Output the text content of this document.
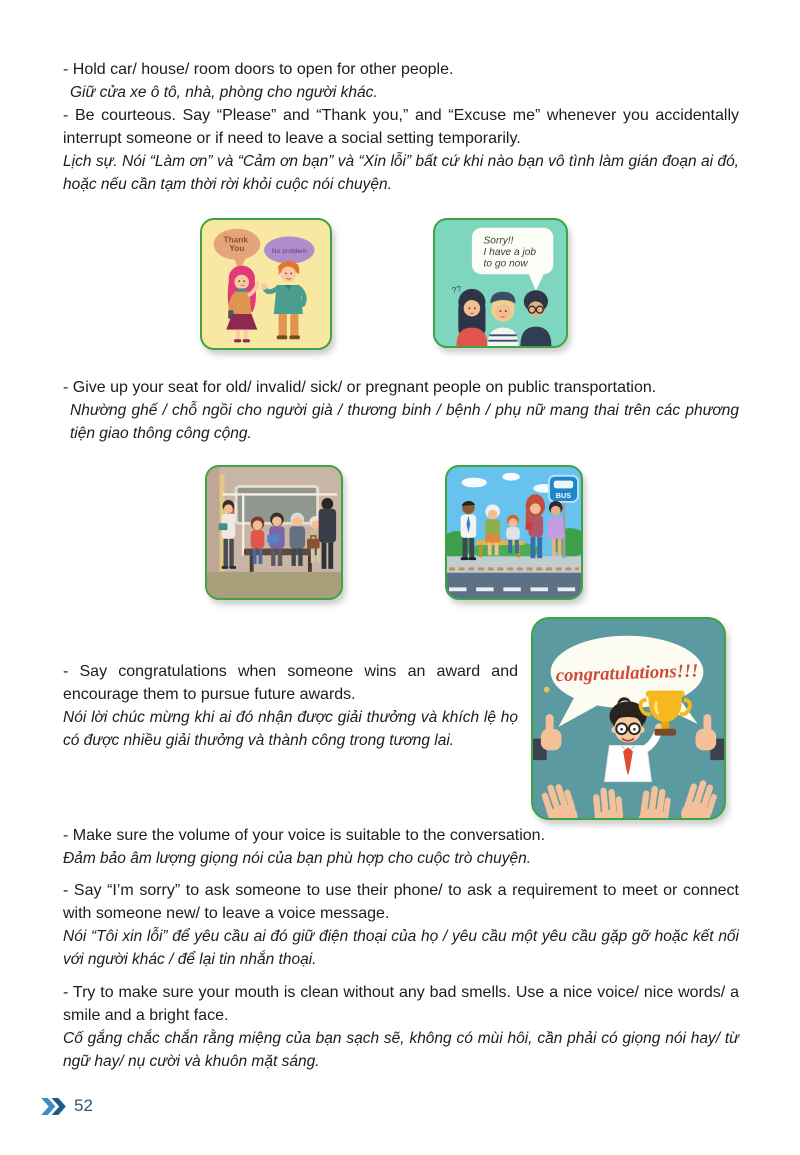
- Hold car/ house/ room doors to open for other people.

Giữ cửa xe ô tô, nhà, phòng cho người khác.

- Be courteous. Say “Please” and “Thank you,” and “Excuse me” whenever you accidentally interrupt someone or if need to leave a social setting temporarily.

Lịch sự. Nói “Làm ơn” và “Cảm ơn bạn” và “Xin lỗi” bất cứ khi nào bạn vô tình làm gián đoạn ai đó, hoặc nếu cần tạm thời rời khỏi cuộc nói chuyện.

Thank You	No problem
Sorry!! I have a job to go now
??

- Give up your seat for old/ invalid/ sick/ or pregnant people on public transportation.

Nhường ghế / chỗ ngồi cho người già / thương binh / bệnh / phụ nữ mang thai trên các phương tiện giao thông công cộng.

BUS
congratulations!!!

- Say congratulations when someone wins an award and encourage them to pursue future awards.

Nói lời chúc mừng khi ai đó nhận được giải thưởng và khích lệ họ có được nhiều giải thưởng và thành công trong tương lai.

- Make sure the volume of your voice is suitable to the conversation.

Đảm bảo âm lượng giọng nói của bạn phù hợp cho cuộc trò chuyện.

- Say “I’m sorry” to ask someone to use their phone/ to ask a requirement to meet or connect with someone new/ to leave a voice message.

Nói “Tôi xin lỗi” để yêu cầu ai đó giữ điện thoại của họ / yêu cầu một yêu cầu gặp gỡ hoặc kết nối với người khác / để lại tin nhắn thoại.

- Try to make sure your mouth is clean without any bad smells. Use a nice voice/ nice words/ a smile and a bright face.

Cố gắng chắc chắn rằng miệng của bạn sạch sẽ, không có mùi hôi, cần phải có giọng nói hay/ từ ngữ hay/ nụ cười và khuôn mặt sáng.

52
